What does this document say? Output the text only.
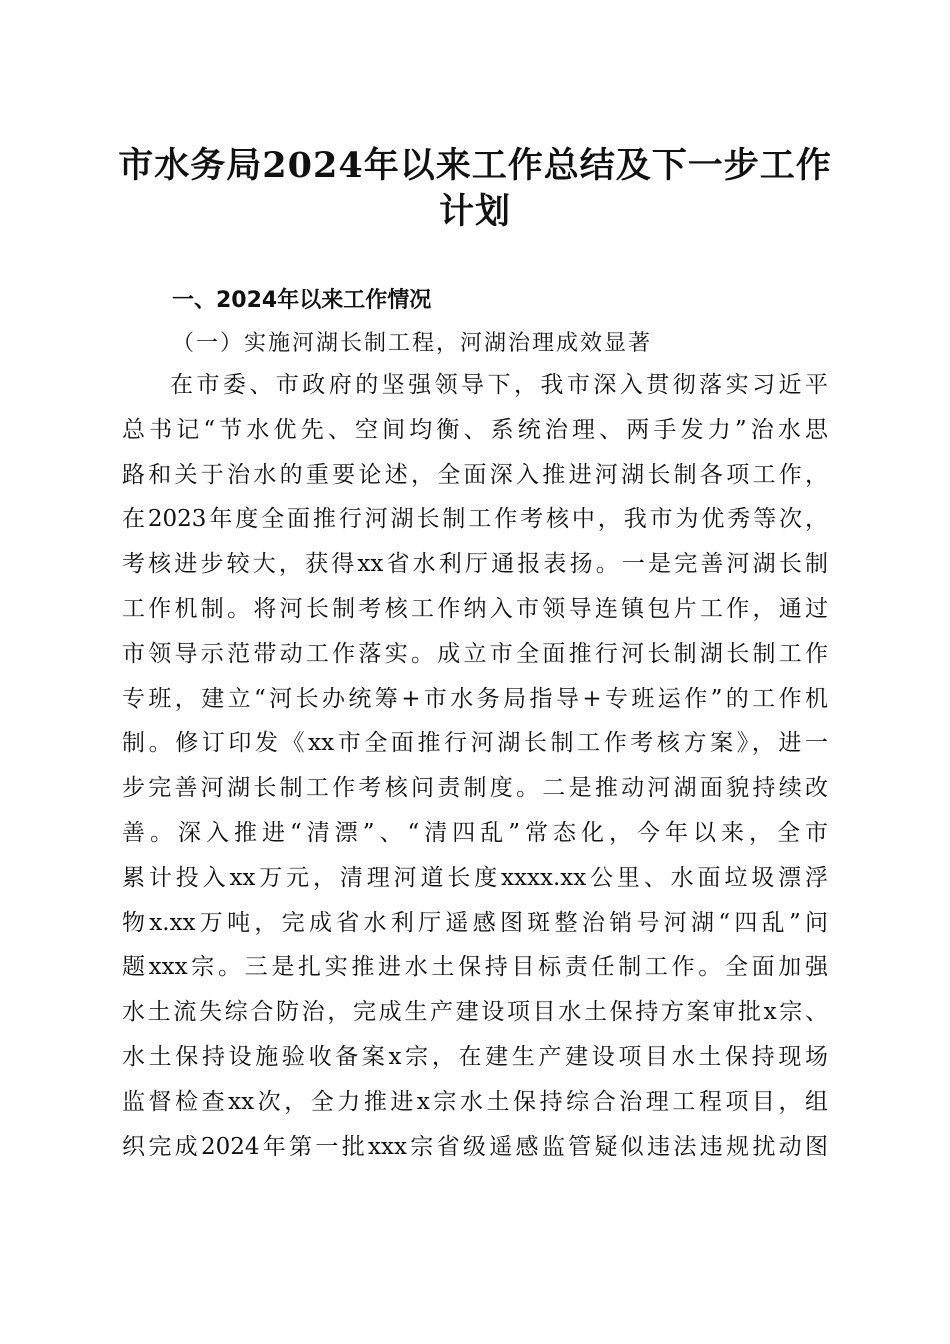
市水务局2024年以来工作总结及下一步工作
计划
一、2024年以来工作情况
（一）实施河湖长制工程，河湖治理成效显著
在市委、市政府的坚强领导下，我市深入贯彻落实习近平
总书记“节水优先、空间均衡、系统治理、两手发力”治水思
路和关于治水的重要论述，全面深入推进河湖长制各项工作，
在2023年度全面推行河湖长制工作考核中，我市为优秀等次，
考核进步较大，获得xx省水利厅通报表扬。一是完善河湖长制
工作机制。将河长制考核工作纳入市领导连镇包片工作，通过
市领导示范带动工作落实。成立市全面推行河长制湖长制工作
专班，建立“河长办统筹+市水务局指导+专班运作”的工作机
制。修订印发《xx市全面推行河湖长制工作考核方案》，进一
步完善河湖长制工作考核问责制度。二是推动河湖面貌持续改
善。深入推进“清漂”、“清四乱”常态化，今年以来，全市
累计投入xx万元，清理河道长度xxxx.xx公里、水面垃圾漂浮
物x.xx万吨，完成省水利厅遥感图斑整治销号河湖“四乱”问
题xxx宗。三是扎实推进水土保持目标责任制工作。全面加强
水土流失综合防治，完成生产建设项目水土保持方案审批x宗、
水土保持设施验收备案x宗，在建生产建设项目水土保持现场
监督检查xx次，全力推进x宗水土保持综合治理工程项目，组
织完成2024年第一批xxx宗省级遥感监管疑似违法违规扰动图
